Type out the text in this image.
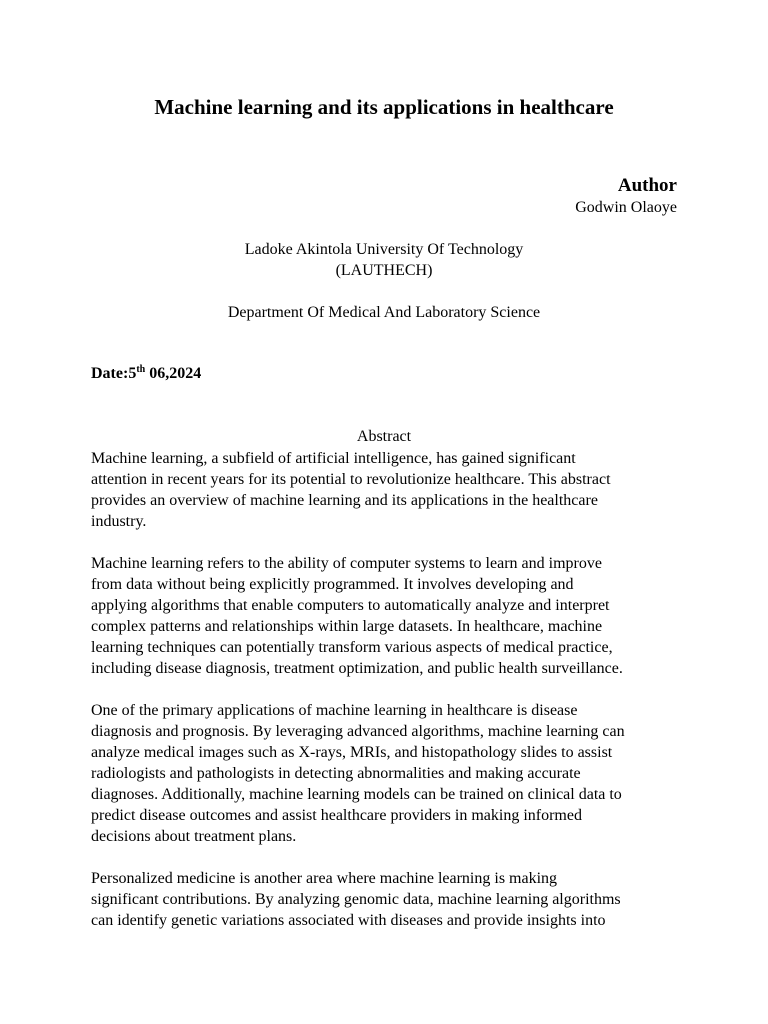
Machine learning and its applications in healthcare
Author
Godwin Olaoye
Ladoke Akintola University Of Technology
(LAUTHECH)
Department Of Medical And Laboratory Science
Date:5th 06,2024
Abstract

Machine learning, a subfield of artificial intelligence, has gained significant
attention in recent years for its potential to revolutionize healthcare. This abstract
provides an overview of machine learning and its applications in the healthcare
industry.

Machine learning refers to the ability of computer systems to learn and improve
from data without being explicitly programmed. It involves developing and
applying algorithms that enable computers to automatically analyze and interpret
complex patterns and relationships within large datasets. In healthcare, machine
learning techniques can potentially transform various aspects of medical practice,
including disease diagnosis, treatment optimization, and public health surveillance.

One of the primary applications of machine learning in healthcare is disease
diagnosis and prognosis. By leveraging advanced algorithms, machine learning can
analyze medical images such as X-rays, MRIs, and histopathology slides to assist
radiologists and pathologists in detecting abnormalities and making accurate
diagnoses. Additionally, machine learning models can be trained on clinical data to
predict disease outcomes and assist healthcare providers in making informed
decisions about treatment plans.

Personalized medicine is another area where machine learning is making
significant contributions. By analyzing genomic data, machine learning algorithms
can identify genetic variations associated with diseases and provide insights into
